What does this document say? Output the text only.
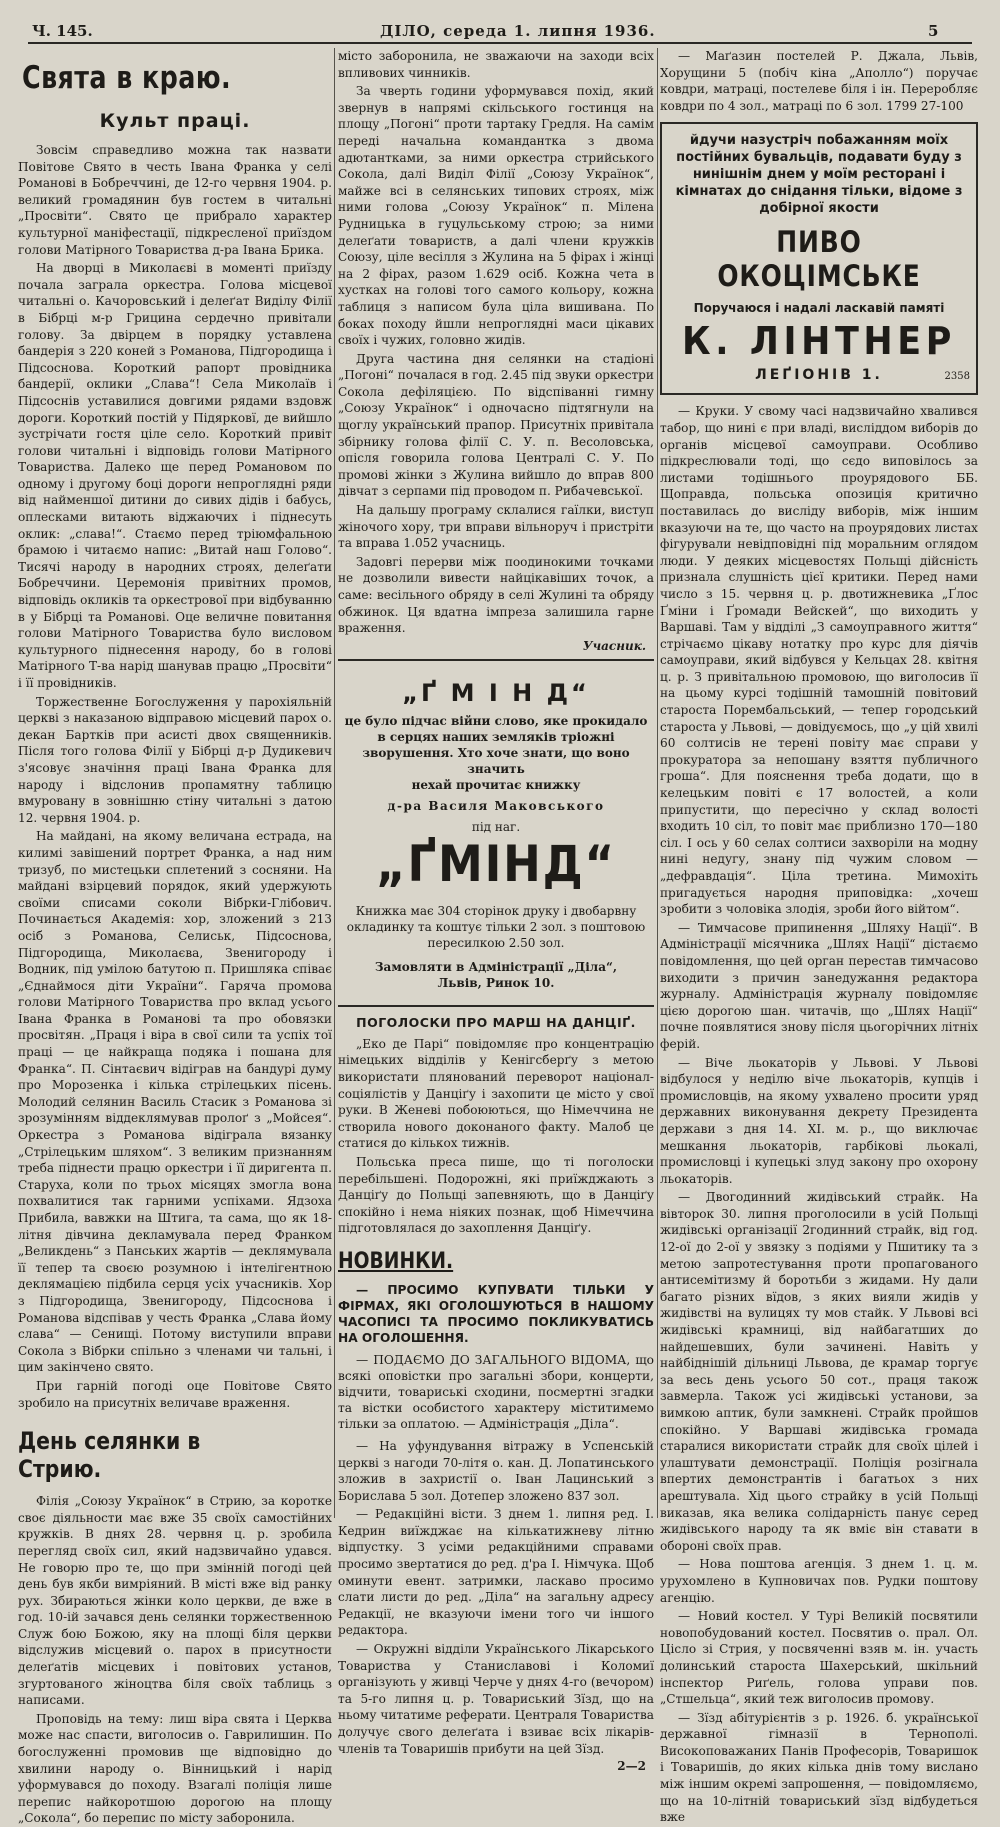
Ч. 145.	ДІЛО, середа 1. липня 1936.	5
Свята в краю.
Культ праці.

Зовсім справедливо можна так назвати Повітове Свято в честь Івана Франка у селі Романові в Бобреччині, де 12-го червня 1904. р. великий громадянин був гостем в читальні „Просвіти“. Свято це прибрало характер культурної маніфестації, підкресленої приїздом голови Матірного Товариства д-ра Івана Брика.

На дворці в Миколаєві в моменті приїзду почала заграла оркестра. Голова місцевої читальні о. Качоровський і делеґат Виділу Філії в Бібрці м-р Грицина сердечно привітали голову. За двірцем в порядку уставлена бандерія з 220 коней з Романова, Підгородища і Підсоснова. Короткий рапорт провідника бандерії, оклики „Слава“! Села Миколаїв і Підсоснів уставилися довгими рядами вздовж дороги. Короткий постій у Підярковї, де вийшло зустрічати гостя ціле село. Короткий привіт голови читальні і відповідь голови Матірного Товариства. Далеко ще перед Романовом по одному і другому боці дороги непроглядні ряди від найменшої дитини до сивих дідів і бабусь, оплесками витають віджаючих і піднесуть оклик: „слава!“. Стаємо перед тріюмфальною брамою і читаємо напис: „Витай наш Голово“. Тисячі народу в народних строях, делеґати Бобреччини. Церемонія привітних промов, відповідь окликів та оркестрової при відбуванню в у Бібрці та Романові. Оце величне повитання голови Матірного Товариства було висловом культурного піднесення народу, бо в голові Матірного Т-ва нарід шанував працю „Просвіти“ і її провідників.

Торжественне Богослуження у парохіяльній церкві з наказаною відправою місцевий парох о. декан Бартків при асисті двох священників. Після того голова Філії у Бібрці д-р Дудикевич з'ясовує значіння праці Івана Франка для народу і відслонив пропамятну таблицю вмуровану в зовнішню стіну читальні з датою 12. червня 1904. р.

На майдані, на якому величана естрада, на килимі завішений портрет Франка, а над ним тризуб, по мистецьки сплетений з сосняни. На майдані взірцевий порядок, який удержують своїми списами соколи Вібрки-Глібович. Починається Академія: хор, зложений з 213 осіб з Романова, Селиськ, Підсоснова, Підгородища, Миколаєва, Звенигороду і Водник, під умілою батутою п. Пришляка співає „Єднаймося діти України“. Гаряча промова голови Матірного Товариства про вклад усього Івана Франка в Романові та про обовязки просвітян. „Праця і віра в свої сили та успіх тої праці — це найкраща подяка і пошана для Франка“. П. Сінтаєвич відіграв на бандурі думу про Морозенка і кілька стрілецьких пісень. Молодий селянин Василь Стасик з Романова зі зрозумінням віддеклямував пролоґ з „Мойсея“. Оркестра з Романова відіграла вязанку „Стрілецьким шляхом“. З великим признанням треба піднести працю оркестри і її диригента п. Старуха, коли по трьох місяцях змогла вона похвалитися так гарними успіхами. Ядзоха Прибила, вавжки на Штига, та сама, що як 18-літня дівчина декламувала перед Франком „Великдень“ з Панських жартів — деклямувала її тепер та своєю розумною і інтелігентною деклямацією підбила серця усіх учасників. Хор з Підгородища, Звенигороду, Підсоснова і Романова відспівав у честь Франка „Слава йому слава“ — Сенищі. Потому виступили вправи Сокола з Вібрки спільно з членами чи тальні, і цим закінчено свято.

При гарній погоді оце Повітове Свято зробило на присутніх величаве враження.

День селянки в Стрию.

Філія „Союзу Українок“ в Стрию, за коротке своє діяльности має вже 35 своїх самостійних кружків. В днях 28. червня ц. р. зробила перегляд своїх сил, який надзвичайно удався. Не говорю про те, що при змінній погоді цей день був якби вимріяний. В місті вже від ранку рух. Збираються жінки коло церкви, де вже в год. 10-ій зачався день селянки торжественною Служ бою Божою, яку на площі біля церкви відслужив місцевий о. парох в присутности делеґатів місцевих і повітових установ, згуртованого жіноцтва біля своїх таблиць з написами.

Проповідь на тему: лиш віра свята і Церква може нас спасти, виголосив о. Гаврилишин. По богослуженні промовив ще відповідно до хвилини народу о. Вінницький і нарід уформувався до походу. Взагалі поліція лише перепис найкоротшою дорогою на площу „Сокола“, бо перепис по місту заборонила.

місто заборонила, не зважаючи на заходи всіх впливових чинників.

За чверть години уформувався похід, який звернув в напрямі скільського гостинця на площу „Погоні“ проти тартаку Гредля. На самім переді начальна командантка з двома адютантками, за ними оркестра стрийського Сокола, далі Виділ Філії „Союзу Українок“, майже всі в селянських типових строях, між ними голова „Союзу Українок“ п. Мілена Рудницька в гуцульському строю; за ними делеґати товариств, а далі члени кружків Союзу, ціле весілля з Жулина на 5 фірах і жінці на 2 фірах, разом 1.629 осіб. Кожна чета в хустках на голові того самого кольору, кожна таблиця з написом була ціла вишивана. По боках походу йшли непроглядні маси цікавих своїх і чужих, головно жидів.

Друга частина дня селянки на стадіоні „Погоні“ почалася в год. 2.45 під звуки оркестри Сокола дефіляцією. По відспіванні гимну „Союзу Українок“ і одночасно підтягнули на щоглу український прапор. Присутніх привітала збірнику голова філії С. У. п. Весоловська, опісля говорила голова Централі С. У. По промові жінки з Жулина вийшло до вправ 800 дівчат з серпами під проводом п. Рибачевської.

На дальшу програму склалися гаїлки, виступ жіночого хору, три вправи вільноруч і пристріти та вправа 1.052 учасниць.

Задовгі перерви між поодинокими точками не дозволили вивести найцікавіших точок, а саме: весільного обряду в селі Жулині та обряду обжинок. Ця вдатна імпреза залишила гарне враження.

Учасник.
„Ґ М І Н Д“
це було підчас війни слово, яке прокидало
в серцях наших земляків тріожні зворушення. Хто хоче знати, що воно значить
нехай прочитає книжку
д-ра Василя Маковського
під наг.
„ҐМІНД“
Книжка має 304 сторінок друку і двобарвну окладинку та коштує тільки 2 зол. з поштовою пересилкою 2.50 зол.
Замовляти в Адміністрації „Діла“,
Львів, Ринок 10.
ПОГОЛОСКИ ПРО МАРШ НА ДАНЦІҐ.

„Еко де Парі“ повідомляє про концентрацію німецьких відділів у Кенігсберґу з метою використати плянований переворот націонал-соціялістів у Данціґу і захопити це місто у свої руки. В Женеві побоюються, що Німеччина не створила нового доконаного факту. Малоб це статися до кількох тижнів.

Польська преса пише, що ті поголоски перебільшені. Подорожні, які приїжджають з Данціґу до Польщі запевняють, що в Данціґу спокійно і нема ніяких познак, щоб Німеччина підготовлялася до захоплення Данціґу.

НОВИНКИ.
— ПРОСИМО КУПУВАТИ ТІЛЬКИ У ФІРМАХ, ЯКІ ОГОЛОШУЮТЬСЯ В НАШОМУ ЧАСОПИСІ ТА ПРОСИМО ПОКЛИКУВАТИСЬ НА ОГОЛОШЕННЯ.
— ПОДАЄМО ДО ЗАГАЛЬНОГО ВІДОМА, що всякі оповістки про загальні збори, концерти, відчити, товариські сходини, посмертні згадки та вістки особистого характеру міститимемо тільки за оплатою. — Адміністрація „Діла“.

— На уфундування вітражу в Успенській церкві з нагоди 70-літя о. кан. Д. Лопатинського зложив в захристії о. Іван Лацинський з Борислава 5 зол. Дотепер зложено 837 зол.

— Редакційні вісти. З днем 1. липня ред. І. Кедрин виїжджає на кількатижневу літню відпустку. З усіми редакційними справами просимо звертатися до ред. д'ра І. Німчука. Щоб оминути евент. затримки, ласкаво просимо слати листи до ред. „Діла“ на загальну адресу Редакції, не вказуючи імени того чи іншого редактора.

— Окружні відділи Українського Лікарського Товариства у Станиславові і Коломиї організують у живці Черче у днях 4-го (вечором) та 5-го липня ц. р. Товариський Зїзд, що на ньому читатиме реферати. Централя Товариства долучує свого делеґата і взиває всіх лікарів-членів та Товаришів прибути на цей Зїзд.

2—2

— Маґазин постелей Р. Джала, Львів, Хорущини 5 (побіч кіна „Аполло“) поручає ковдри, матраці, постелеве біля і ін. Переробляє ковдри по 4 зол., матраці по 6 зол. 1799 27-100

йдучи назустріч побажанням моїх постійних бувальців, подавати буду з нинішнім днем у моїм ресторані і кімнатах до снідання тільки, відоме з добірної якости
ПИВО ОКОЦІМСЬКЕ
Поручаюся і надалі ласкавій памяті
К. ЛІНТНЕР
ЛЕҐІОНІВ 1.	2358

— Круки. У свому часі надзвичайно хвалився табор, що нині є при владі, висліддом виборів до органів місцевої самоуправи. Особливо підкреслювали тоді, що сєдо виповілось за листами тодішнього проурядового ББ. Щоправда, польська опозиція критично поставилась до висліду виборів, між іншим вказуючи на те, що часто на проурядових листах фігурували невідповідні під моральним оглядом люди. У деяких місцевостях Польщі дійсність признала слушність цієї критики. Перед нами число з 15. червня ц. р. двотижневика „Ґлос Ґміни і Ґромади Вейскей“, що виходить у Варшаві. Там у відділі „З самоуправного життя“ стрічаємо цікаву нотатку про курс для діячів самоуправи, який відбувся у Кельцах 28. квітня ц. р. З привітальною промовою, що виголосив її на цьому курсі тодішній тамошній повітовий староста Порембальський, — тепер городський староста у Львові, — довідуємось, що „у цій хвилі 60 солтисів не терені повіту має справи у прокуратора за непошану взяття публичного гроша“. Для пояснення треба додати, що в келецьким повіті є 17 волостей, а коли припустити, що пересічно у склад волості входить 10 сіл, то повіт має приблизно 170—180 сіл. І ось у 60 селах солтиси захворіли на модну нині недугу, знану під чужим словом — „дефравдація“. Ціла третина. Мимохіть пригадується народня приповідка: „хочеш зробити з чоловіка злодія, зроби його війтом“.

— Тимчасове припинення „Шляху Нації“. В Адміністрації місячника „Шлях Нації“ дістаємо повідомлення, що цей орган перестав тимчасово виходити з причин занедужання редактора журналу. Адміністрація журналу повідомляє цією дорогою шан. читачів, що „Шлях Нації“ почне появлятися знову після цьогорічних літніх ферій.

— Віче льокаторів у Львові. У Львові відбулося у неділю віче льокаторів, купців і промисловців, на якому ухвалено просити уряд державних виконування декрету Президента держави з дня 14. XI. м. р., що виключає мешкання льокаторів, гарбікові льокалі, промисловці і купецькі злуд закону про охорону льокаторів.

— Двогодинний жидівський страйк. На вівторок 30. липня проголосили в усій Польщі жидівські організації 2годинний страйк, від год. 12-ої до 2-ої у звязку з подіями у Пшитику та з метою запротестування проти пропагованого антисемітизму й боротьби з жидами. Ну дали багато різних вїдов, з яких вияли жидів у жидівстві на вулицях ту мов стайк. У Львові всі жидівські крамниці, від найбагатших до найдешевших, були зачинені. Навіть у найбіднішій дільниці Львова, де крамар торгує за весь день усього 50 сот., праця також завмерла. Також усі жидівські установи, за вимкою аптик, були замкнені. Страйк пройшов спокійно. У Варшаві жидівська громада старалися використати страйк для своїх цілей і улаштувати демонстрації. Поліція розігнала впертих демонстрантів і багатьох з них арештувала. Хід цього страйку в усій Польщі виказав, яка велика солідарність панує серед жидівського народу та як вміє він ставати в обороні своїх прав.

— Нова поштова агенція. З днем 1. ц. м. урухомлено в Купновичах пов. Рудки поштову агенцію.

— Новий костел. У Турі Великій посвятили новопобудований костел. Посвятив о. прал. Ол. Цісло зі Стрия, у посвяченні взяв м. ін. участь долинський староста Шахерський, шкільний інспектор Риґель, голова управи пов. „Стшельца“, який теж виголосив промову.

— Зїзд абітурієнтів з р. 1926. б. української державної гімназії в Тернополі. Високоповажаних Панів Професорів, Товаришок і Товаришів, до яких кілька днів тому вислано між іншим окремі запрошення, — повідомляємо, що на 10-літній товариський зїзд відбудеться вже
